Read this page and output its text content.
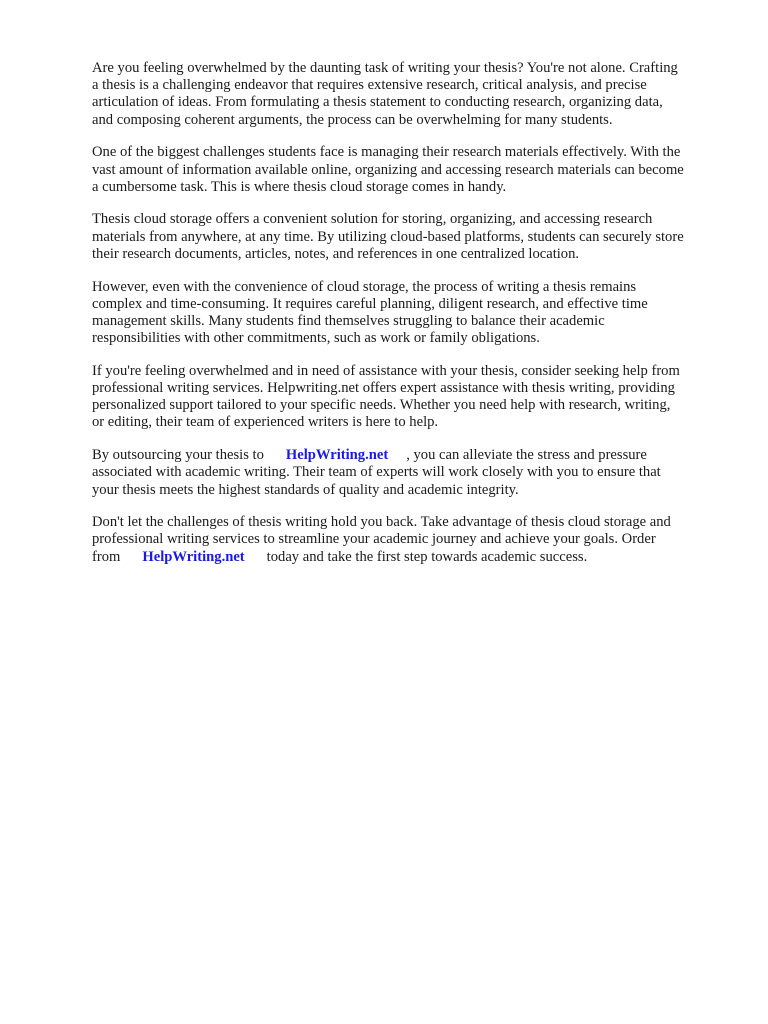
Are you feeling overwhelmed by the daunting task of writing your thesis? You're not alone. Crafting
a thesis is a challenging endeavor that requires extensive research, critical analysis, and precise
articulation of ideas. From formulating a thesis statement to conducting research, organizing data,
and composing coherent arguments, the process can be overwhelming for many students.

One of the biggest challenges students face is managing their research materials effectively. With the
vast amount of information available online, organizing and accessing research materials can become
a cumbersome task. This is where thesis cloud storage comes in handy.

Thesis cloud storage offers a convenient solution for storing, organizing, and accessing research
materials from anywhere, at any time. By utilizing cloud-based platforms, students can securely store
their research documents, articles, notes, and references in one centralized location.

However, even with the convenience of cloud storage, the process of writing a thesis remains
complex and time-consuming. It requires careful planning, diligent research, and effective time
management skills. Many students find themselves struggling to balance their academic
responsibilities with other commitments, such as work or family obligations.

If you're feeling overwhelmed and in need of assistance with your thesis, consider seeking help from
professional writing services. Helpwriting.net offers expert assistance with thesis writing, providing
personalized support tailored to your specific needs. Whether you need help with research, writing,
or editing, their team of experienced writers is here to help.

By outsourcing your thesis to HelpWriting.net , you can alleviate the stress and pressure
associated with academic writing. Their team of experts will work closely with you to ensure that
your thesis meets the highest standards of quality and academic integrity.

Don't let the challenges of thesis writing hold you back. Take advantage of thesis cloud storage and
professional writing services to streamline your academic journey and achieve your goals. Order
from HelpWriting.net today and take the first step towards academic success.
